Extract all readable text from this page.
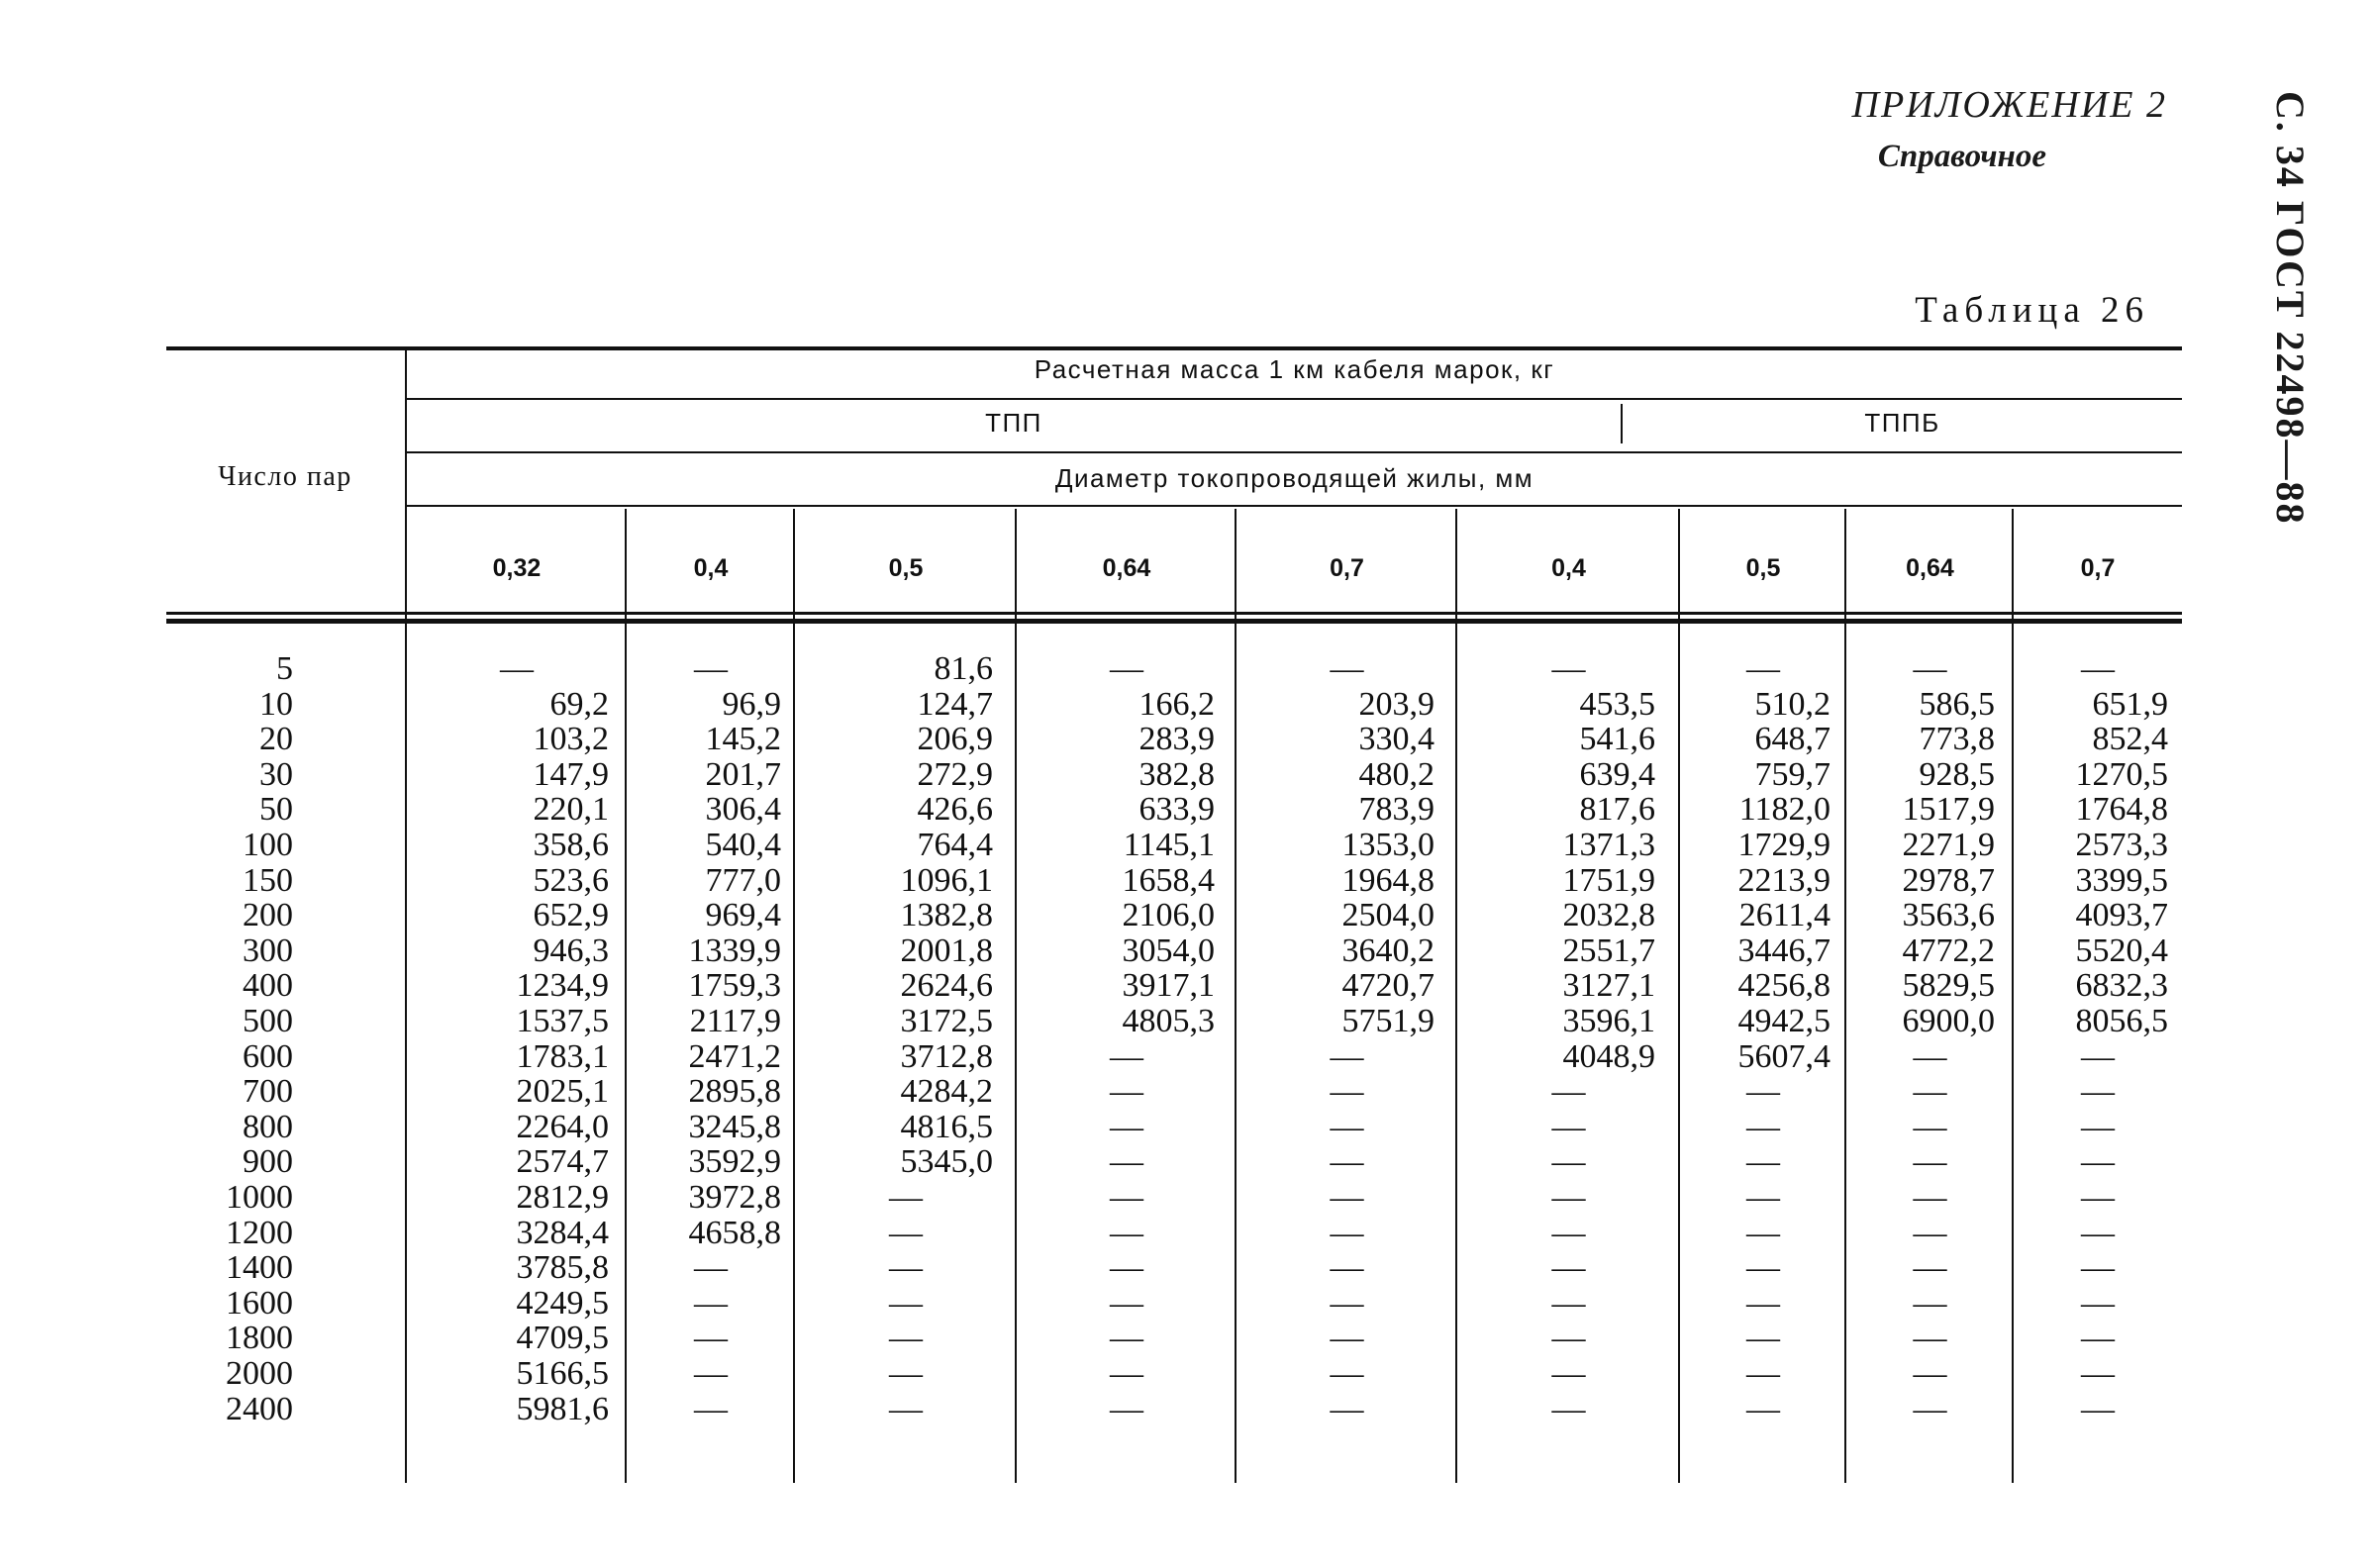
ПРИЛОЖЕНИЕ 2
Справочное	С. 34 ГОСТ 22498—88
Таблица 26
Число пар
Расчетная масса 1 км кабеля марок, кг
ТПП	ТППБ
Диаметр токопроводящей жилы, мм
0,32	0,4	0,5	0,64	0,7	0,4	0,5	0,64	0,7
5	—	—	81,6	—	—	—	—	—	—
10	69,2	96,9	124,7	166,2	203,9	453,5	510,2	586,5	651,9
20	103,2	145,2	206,9	283,9	330,4	541,6	648,7	773,8	852,4
30	147,9	201,7	272,9	382,8	480,2	639,4	759,7	928,5	1270,5
50	220,1	306,4	426,6	633,9	783,9	817,6	1182,0	1517,9	1764,8
100	358,6	540,4	764,4	1145,1	1353,0	1371,3	1729,9	2271,9	2573,3
150	523,6	777,0	1096,1	1658,4	1964,8	1751,9	2213,9	2978,7	3399,5
200	652,9	969,4	1382,8	2106,0	2504,0	2032,8	2611,4	3563,6	4093,7
300	946,3	1339,9	2001,8	3054,0	3640,2	2551,7	3446,7	4772,2	5520,4
400	1234,9	1759,3	2624,6	3917,1	4720,7	3127,1	4256,8	5829,5	6832,3
500	1537,5	2117,9	3172,5	4805,3	5751,9	3596,1	4942,5	6900,0	8056,5
600	1783,1	2471,2	3712,8	—	—	4048,9	5607,4	—	—
700	2025,1	2895,8	4284,2	—	—	—	—	—	—
800	2264,0	3245,8	4816,5	—	—	—	—	—	—
900	2574,7	3592,9	5345,0	—	—	—	—	—	—
1000	2812,9	3972,8	—	—	—	—	—	—	—
1200	3284,4	4658,8	—	—	—	—	—	—	—
1400	3785,8	—	—	—	—	—	—	—	—
1600	4249,5	—	—	—	—	—	—	—	—
1800	4709,5	—	—	—	—	—	—	—	—
2000	5166,5	—	—	—	—	—	—	—	—
2400	5981,6	—	—	—	—	—	—	—	—
